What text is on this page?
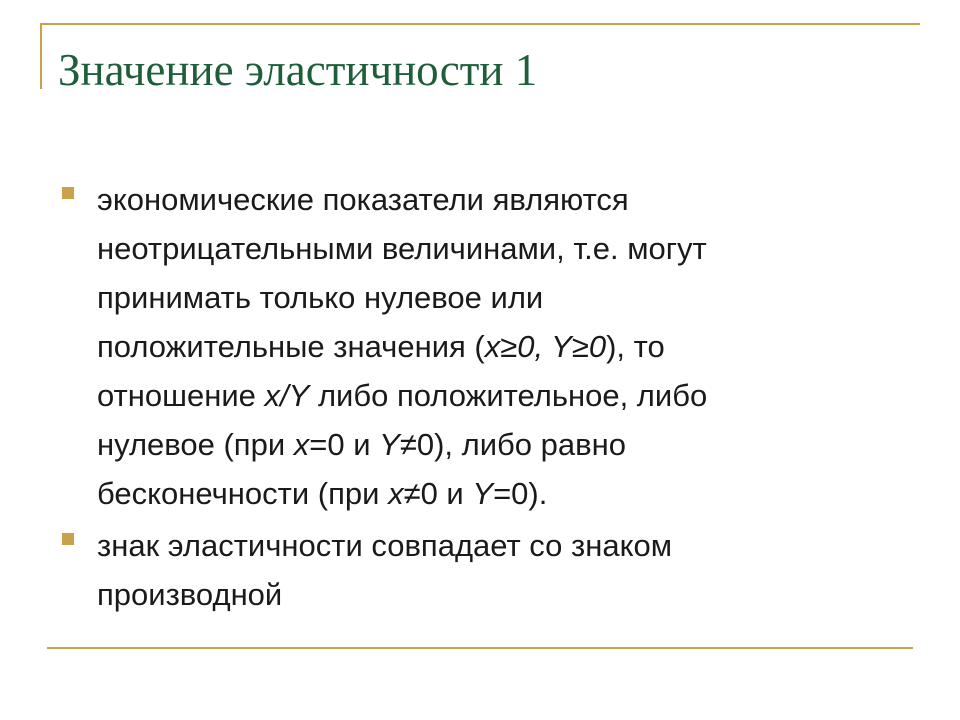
Значение эластичности 1

экономические показатели являются
неотрицательными величинами, т.е. могут
принимать только нулевое или
положительные значения (x≥0, Y≥0), то
отношение x/Y либо положительное, либо
нулевое (при x=0 и Y≠0), либо равно
бесконечности (при x≠0 и Y=0).

знак эластичности совпадает со знаком
производной
